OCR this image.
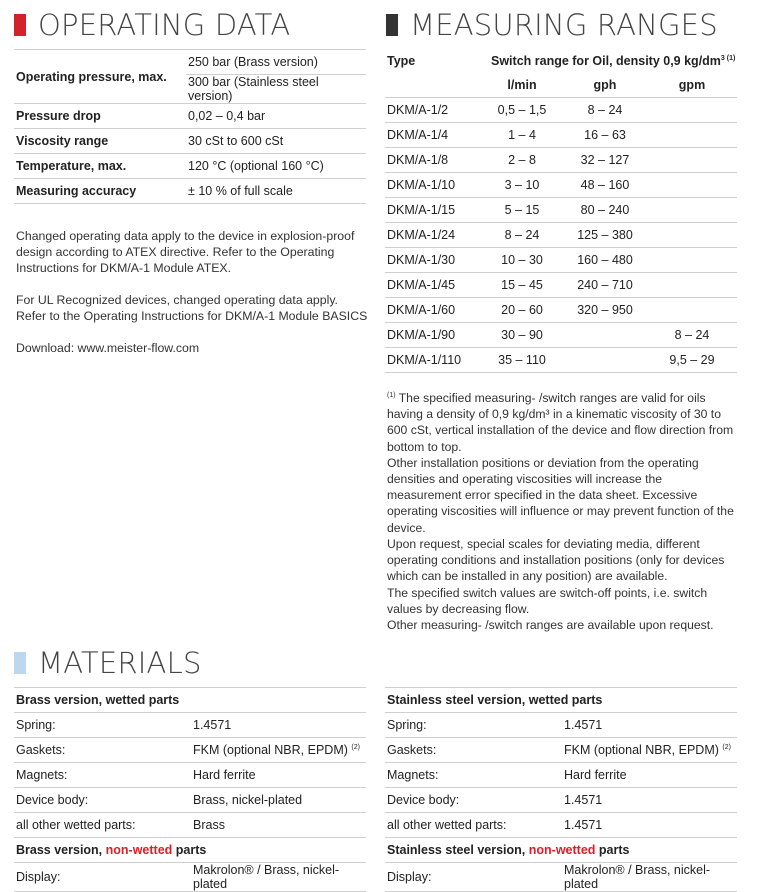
OPERATING DATA
Operating pressure, max.	250 bar (Brass version)
	300 bar (Stainless steel version)
Pressure drop	0,02 – 0,4 bar
Viscosity range	30 cSt to 600 cSt
Temperature, max.	120 °C (optional 160 °C)
Measuring accuracy	± 10 % of full scale
Changed operating data apply to the device in explosion-proof design according to ATEX directive. Refer to the Operating Instructions for DKM/A-1 Module ATEX.
For UL Recognized devices, changed operating data apply. Refer to the Operating Instructions for DKM/A-1 Module BASICS
Download: www.meister-flow.com
MEASURING RANGES
Type	Switch range for Oil, density 0,9 $kg/dm^{3 (1)}$
	l/min	gph	gpm
DKM/A-1/2	0,5 – 1,5	8 – 24	
DKM/A-1/4	1 – 4	16 – 63	
DKM/A-1/8	2 – 8	32 – 127	
DKM/A-1/10	3 – 10	48 – 160	
DKM/A-1/15	5 – 15	80 – 240	
DKM/A-1/24	8 – 24	125 – 380	
DKM/A-1/30	10 – 30	160 – 480	
DKM/A-1/45	15 – 45	240 – 710	
DKM/A-1/60	20 – 60	320 – 950	
DKM/A-1/90	30 – 90		8 – 24
DKM/A-1/110	35 – 110		9,5 – 29
$^{(1)}$ The specified measuring- /switch ranges are valid for oils having a density of 0,9 kg/dm³ in a kinematic viscosity of 30 to 600 cSt, vertical installation of the device and flow direction from bottom to top.
Other installation positions or deviation from the operating densities and operating viscosities will increase the measurement error specified in the data sheet. Excessive operating viscosities will influence or may prevent function of the device.
Upon request, special scales for deviating media, different operating conditions and installation positions (only for devices which can be installed in any position) are available.
The specified switch values are switch-off points, i.e. switch values by decreasing flow.
Other measuring- /switch ranges are available upon request.
MATERIALS
Brass version, wetted parts	
Spring:	1.4571
Gaskets:	FKM (optional NBR, EPDM) $^{(2)}$
Magnets:	Hard ferrite
Device body:	Brass, nickel-plated
all other wetted parts:	Brass
Brass version, non-wetted parts	
Display:	Makrolon® / Brass, nickel-plated
Stainless steel version, wetted parts	
Spring:	1.4571
Gaskets:	FKM (optional NBR, EPDM) $^{(2)}$
Magnets:	Hard ferrite
Device body:	1.4571
all other wetted parts:	1.4571
Stainless steel version, non-wetted parts	
Display:	Makrolon® / Brass, nickel-plated
